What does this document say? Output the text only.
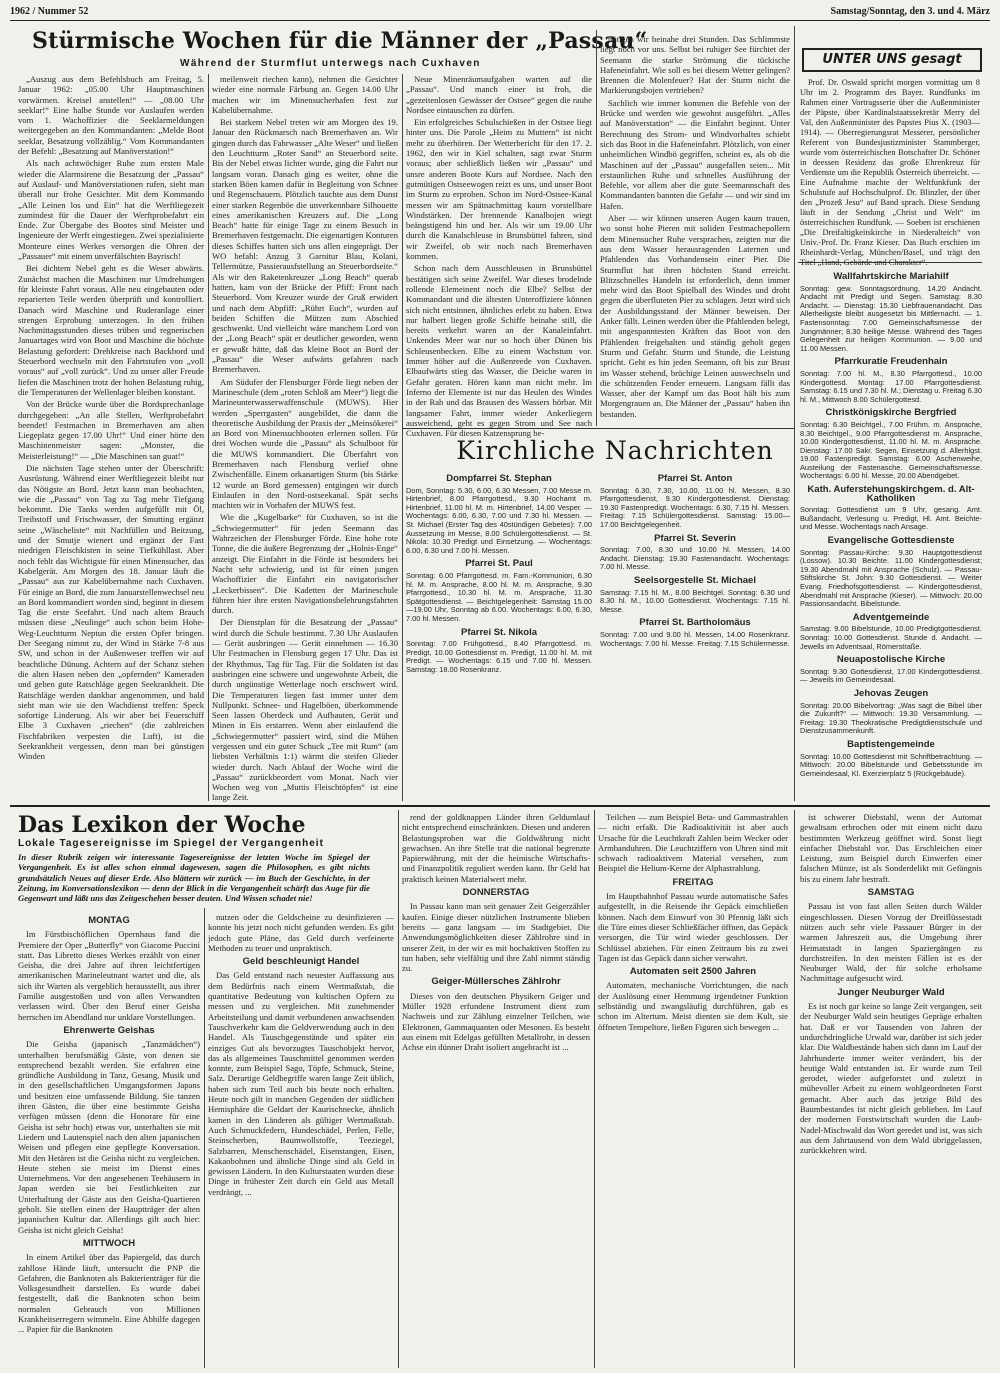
1962 / Nummer 52	Samstag/Sonntag, den 3. und 4. März
Stürmische Wochen für die Männer der „Passau“
Während der Sturmflut unterwegs nach Cuxhaven

„Auszug aus dem Befehlsbuch am Freitag, 5. Januar 1962: „05.00 Uhr Hauptmaschinen vorwärmen. Kreisel anstellen!“ — „08.00 Uhr seeklar!“ Eine halbe Stunde vor Auslaufen werden vom 1. Wachoffizier die Seeklarmeldungen weitergegeben an den Kommandanten: „Melde Boot seeklar, Besatzung vollzählig.“ Vom Kommandanten der Befehl: „Besatzung auf Manöverstation!“

Als nach achtwöchiger Ruhe zum ersten Male wieder die Alarmsirene die Besatzung der „Passau“ auf Auslauf- und Manöverstationen rufen, sieht man überall nur frohe Gesichter. Mit dem Kommando „Alle Leinen los und Ein“ hat die Werftliegezeit zumindest für die Dauer der Werftprobefahrt ein Ende. Zur Übergabe des Bootes sind Meister und Ingenieure der Werft eingestiegen. Zwei spezialisierte Monteure eines Werkes versorgen die Ohren der „Passauer“ mit einem unverfälschten Bayrisch!

Bei dichtem Nebel geht es die Weser abwärts. Zunächst machen die Maschinen nur Umdrehungen für kleinste Fahrt voraus. Alle neu eingebauten oder reparierten Teile werden überprüft und kontrolliert. Danach wird Maschine und Ruderanlage einer strengen Erprobung unterzogen. In den frühen Nachmittagsstunden dieses trüben und regnerischen Januartages wird von Boot und Maschine die höchste Belastung gefordert: Drehkreise nach Backbord und Steuerbord wechseln mit den Fahrtstufen von „voll voraus“ auf „voll zurück“. Und zu unser aller Freude liefen die Maschinen trotz der hohen Belastung ruhig, die Temperaturen der Wellenlager bleiben konstant.

Von der Brücke wurde über die Bordsprechanlage durchgegeben: „An alle Stellen, Werftprobefahrt beendet! Festmachen in Bremerhaven am alten Liegeplatz gegen 17.00 Uhr!“ Und einer hörte den Maschinenmeister sagen: „Monster, die Meisterleistung!“ — „Die Maschinen san guat!“

Die nächsten Tage stehen unter der Überschrift: Ausrüstung. Während einer Werftliegezeit bleibt nur das Nötigste an Bord. Jetzt kann man beobachten, wie die „Passau“ von Tag zu Tag mehr Tiefgang bekommt. Die Tanks werden aufgefüllt mit Öl, Treibstoff und Frischwasser, der Smutting ergänzt seine „Wäscheliste“ mit Nachfüllen und Beitzung, und der Smutje wienert und ergänzt der Fast niedrigen Fleischkisten in seine Tiefkühllast. Aber noch fehlt das Wichtigste für einen Minensucher, das Kabelgerät. Am Morgen des 18. Januar läuft die „Passau“ aus zur Kabelübernahme nach Cuxhaven. Für einige an Bord, die zum Januarstellenwechsel neu an Bord kommandiert worden sind, beginnt in diesem Tag die erste Seefahrt. Und nach altem Brauch müssen diese „Neulinge“ auch schon beim Hohe-Weg-Leuchtturm Neptun die ersten Opfer bringen. Der Seegang nimmt zu, der Wind in Stärke 7-8 aus SW, und schon in der Außenweser treffen wir auf beachtliche Dünung. Achtern auf der Schanz stehen die alten Hasen neben den „opfernden“ Kameraden und geben gute Ratschläge gegen Seekrankheit. Die Ratschläge werden dankbar angenommen, und bald sieht man wie sie den Wachdienst treffen: Speck sofortige Linderung. Als wir aber bei Feuerschiff Elbe 3 Cuxhaven „riechen“ (die zahlreichen Fischfabriken verpesten die Luft), ist die Seekrankheit vergessen, denn man bei günstigen Winden

meilenweit riechen kann), nehmen die Gesichter wieder eine normale Färbung an. Gegen 14.00 Uhr machen wir im Minensucherhafen fest zur Kabelübernahme.

Bei starkem Nebel treten wir am Morgen des 19. Januar den Rückmarsch nach Bremerhaven an. Wir gingen durch das Fahrwasser „Alte Weser“ und ließen den Leuchtturm „Roter Sand“ an Steuerbord seite. Bis der Nebel etwas lichter wurde, ging die Fahrt nur langsam voran. Danach ging es weiter, ohne die starken Böen kamen dafür in Begleitung von Schnee und Regenschauern. Plötzlich tauchte aus dem Dunst einer starken Regenböe die unverkennbare Silhouette eines amerikanischen Kreuzers auf. Die „Long Beach“ hatte für einige Tage zu einem Besuch in Bremerhaven festgemacht. Die eigenartigen Konturen dieses Schiffes hatten sich uns allen eingeprägt. Der WO befahl: Anzug 3 Garnitur Blau, Kolani, Tellermütze, Passierausfstellung an Steuerbordseite.“ Als wir den Raketenkreuzer „Long Beach“ querab hatten, kam von der Brücke der Pfiff: Front nach Steuerbord. Vom Kreuzer wurde der Gruß erwidert und nach dem Abpfiff: „Rührt Euch“, wurden auf beiden Schiffen die Mützen zum Abschied geschwenkt. Und vielleicht wäre manchem Lord von der „Long Beach“ spät er deutlicher geworden, wenn er gewußt hätte, daß das kleine Boot an Bord der „Passau“ die Weser aufwärts gefahren nach Bremerhaven.

Am Südufer der Flensburger Förde liegt neben der Marineschule (dem „roten Schloß am Meer“) liegt die Marineunterwasserwaffenschule (MUWS). Hier werden „Sperrgasten“ ausgebildet, die dann die theoretische Ausbildung der Praxis der „Meinsökerei“ an Bord von Minensuchbooten erlernen sollen. Für drei Wochen wurde die „Passau“ als Schulboot für die MUWS kommandiert. Die Überfahrt von Bremerhaven nach Flensburg verlief ohne Zwischenfälle. Einem orkanartigen Sturm (bis Stärke 12 wurde an Bord gemessen) entgingen wir durch Einlaufen in den Nord-ostseekanal. Spät sechs machten wir in Vorhafen der MUWS fest.

Wie die „Kugelbarke“ für Cuxhaven, so ist die „Schwiegermutter“ für jeden Seemann das Wahrzeichen der Flensburger Förde. Eine hohe rote Tonne, die die äußere Begrenzung der „Holnis-Enge“ anzeigt. Die Einfahrt in die Förde ist besonders bei Nacht sehr schwierig, und ist für einen jungen Wachoffizier die Einfahrt ein navigatorischer „Leckerbissen“. Die Kadetten der Marineschule führen hier ihre ersten Navigationsbelehrungsfahrten durch.

Der Dienstplan für die Besatzung der „Passau“ wird durch die Schule bestimmt. 7.30 Uhr Auslaufen — Gerät ausbringen — Gerät einnehmen — 16.30 Uhr Festmachen in Flensburg gegen 17 Uhr. Das ist der Rhythmus, Tag für Tag. Für die Soldaten ist das ausbringen eine schwere und ungewohnte Arbeit, die durch ungünstige Wetterlage noch erschwert wird. Die Temperaturen liegen fast immer unter dem Nullpunkt. Schnee- und Hagelböen, überkommende Seen lassen Oberdeck und Aufbauten, Gerät und Minen in Eis erstarren. Wenn aber einlaufend die „Schwiegermutter“ passiert wird, sind die Mühen vergessen und ein guter Schuck „Tee mit Rum“ (am liebsten Verhältnis 1:1) wärmt die steifen Glieder wieder durch. Nach Ablauf der Woche wird die „Passau“ zurückbeordert vom Monat. Nach vier Wochen weg von „Muttis Fleischtöpfen“ ist eine lange Zeit.

Neue Minenräumaufgaben warten auf die „Passau“. Und manch einer ist froh, die „gezeitenlosen Gewässer der Ostsee“ gegen die rauhe Nordsee eintauschen zu dürfen.

Ein erfolgreiches Schulschießen in der Ostsee liegt hinter uns. Die Parole „Heim zu Muttern“ ist nicht mehr zu überhören. Der Wetterbericht für den 17. 2. 1962, den wir in Kiel schalten, sagt zwar Sturm voraus; aber schließlich ließen wir „Passau“ und unsre anderen Boote Kurs auf Nordsee. Nach den gutmütigen Ostseewogen reizt es uns, und unser Boot im Sturm zu erproben. Schon im Nord-Ostsee-Kanal messen wir am Spätnachmittag kaum vorstellbare Windstärken. Der brennende Kanalbojen wiegt beängstigend hin und her. Als wir um 19.00 Uhr durch die Kanalschleuse in Brunsbüttel fahren, sind wir Zweifel, ob wir noch nach Bremerhaven kommen.

Schon nach dem Ausschleusen in Brunsbüttel bestätigen sich seine Zweifel. War dieses brodelnde rollende Elemeinent noch die Elbe? Selbst der Kommandant und die ältesten Unteroffiziere können sich nicht entsinnen, ähnliches erlebt zu haben. Etwa nur halbert liegen große Schiffe beinahe still, die bereits verkehrt waren an der Kanaleinfahrt. Unkendes Meer war nur so hoch über Dünen bis Schleusenbecken. Elbe zu einem Wachstum vor. Immer höher auf die Außenreede von Cuxhaven. Elbaufwärts stieg das Wasser, die Deiche waren in Gefahr geraten. Hören kann man nicht mehr. Im Inferno der Elemente ist nur das Heulen des Windes in der Rah und das Brausen des Wassers hörbar. Mit langsamer Fahrt, immer wieder Ankerliegern ausweichend, geht es gegen Strom und See nach Cuxhaven. Für diesen Katzensprung be-

nötigen wir beinahe drei Stunden. Das Schlimmste liegt noch vor uns. Selbst bei ruhiger See fürchtet der Seemann die starke Strömung die tückische Hafeneinfahrt. Wie soll es bei diesem Wetter gelingen? Brennen die Molenfeuer? Hat der Sturm nicht die Markierungsbojen vertrieben?

Sachlich wie immer kommen die Befehle von der Brücke und werden wie gewohnt ausgeführt. „Alles auf Manöverstation“ — die Einfahrt beginnt. Unter Berechnung des Strom- und Windvorhaltes schiebt sich das Boot in die Hafeneinfahrt. Plötzlich, von einer unheimlichen Windbö gegriffen, scheint es, als ob die Maschinen auf der „Passau“ ausgefallen seien... Mit erstaunlichen Ruhe und schnelles Ausführung der Befehle, vor allem aber die gute Seemannschaft des Kommandanten bannten die Gefahr — und wir sind im Hafen.

Aber — wir können unseren Augen kaum trauen, wo sonst hohe Pieren mit soliden Festmachepollern dem Minensucher Ruhe versprachen, zeigten nur die aus dem Wasser herausragenden Laternen und Pfahlenden das Vorhandensein einer Pier. Die Sturmflut hat ihren höchsten Stand erreicht. Blitzschnelles Handeln ist erforderlich, denn immer mehr wird das Boot Spielball des Windes und droht gegen die überfluteten Pier zu schlagen. Jetzt wird sich der Ausbildungsstand der Männer beweisen. Der Anker fällt. Leinen werden über die Pfahlenden belegt, mit angespanntesten Kräften das Boot von den Pfählenden freigehalten und ständig geholt gegen Sturm und Gefahr. Sturm und Stunde, die Leistung spricht. Geht es hin jeden Seemann, oft bis zur Brust im Wasser stehend, brüchige Leinen auswechseln und die schützenden Fender erneuern. Langsam fällt das Wasser, aber der Kampf um das Boot hält bis zum Morgengrauen an. Die Männer der „Passau“ haben ihn bestanden.

UNTER UNS gesagt

Prof. Dr. Oswald spricht morgen vormittag um 8 Uhr im 2. Programm des Bayer. Rundfunks im Rahmen einer Vortragsserie über die Außenminister der Päpste, über Kardinalstaatssekretär Merry del Val, den Außenminister des Papstes Pius X. (1903—1914). — Oberregierungsrat Messerer, persönlicher Referent von Bundesjustizminister Stammberger, wurde vom österreichischen Botschafter Dr. Schöner in deessen Residenz das große Ehrenkreuz für Verdienste um die Republik Österreich überreicht. — Eine Aufnahme machte der Weltfunkfunk der Schulstufe auf Hochschulprof. Dr. Blinzler, der über den „Prozeß Jesu“ auf Band sprach. Diese Sendung läuft in der Sendung „Christ und Welt“ im österreichischen Rundfunk. — Soeben ist erschienen „Die Dreifaltigkeitskirche in Niederalteich“ von Univ.-Prof. Dr. Franz Kieser. Das Buch erschien im Rheinhardt-Verlag, München/Basel, und trägt den Titel „Hand, Gebärde und Charakter“.

Wallfahrtskirche Mariahilf

Sonntag: gew. Sonntagsordnung, 14.20 Andacht. Andacht mit Predigt und Segen. Samstag: 8.30 Andacht. — Dienstag: 15.30 Liebfrauenandacht. Das Allerheiligste bleibt ausgesetzt bis Mittlernacht. — 1. Fastensonntag: 7.00 Gemeinschaftsmesse der Jungmänner; 8.30 heilige Messe. Während des Tages Gelegenheit zur heiligen Kommunion. — 9.00 und 11.00 Messen.

Pfarrkuratie Freudenhain

Sonntag: 7.00 hl. M., 8.30 Pfarrgottesd., 10.00 Kindergottesd. Montag: 17.00 Pfarrgottesdienst. Samstag: 6.15 und 7.30 hl. M.; Dienstag u. Freitag 6.30 hl. M., Mittwoch 8.00 Schülergottesd.

Christkönigskirche Bergfried

Sonntag: 6.30 Beichtgel., 7.00 Frühm. m. Ansprache, 8.30 Beichtgel., 9.00 Pfarrgottesdienst m. Ansprache, 10.00 Kindergottesdienst, 11.00 hl. M. m. Ansprache. Dienstag: 17.00 Sakr. Segen, Einsetzung d. Allerhlgst. 19.00 Fastenpredigt. Samstag: 6.00 Aschenweihe, Austeilung der Fastenasche. Gemeinschaftsmesse. Wochentags: 6.00 hl. Messe, 20.00 Abendgebet.

Kath. Auferstehungskirchgem. d. Alt-Katholiken

Sonntag: Gottesdienst um 9 Uhr, gesang. Amt. Bußandacht, Verlesung u. Predigt, Hl. Amt. Beichte- und Messe. Wochentags nach Ansage.

Evangelische Gottesdienste

Sonntag: Passau-Kirche: 9.30 Hauptgottesdienst (Lossow). 10.30 Beichte. 11.00 Kindergottesdienst; 19.30 Abendmahl mit Ansprache (Schulz). — Passau-Stiftskirche St. John: 9.30 Gottesdienst. — Weiter Evang. Friedhofsgottesdienst. — Kindergottesdienst, Abendmahl mit Ansprache (Kieser). — Mittwoch: 20.00 Passionsandacht. Bibelstunde.

Adventgemeinde

Samstag: 9.00 Bibelstunde, 10.00 Predigtgottesdienst. Sonntag: 10.00 Gottesdienst. Stunde d. Andacht. — Jewells im Adventsaal, Römerstraße.

Neuapostolische Kirche

Sonntag: 9.30 Gottesdienst, 17.00 Kindergottesdienst. — Jeweils im Gemeindesaal.

Jehovas Zeugen

Sonntag: 20.00 Bibelvortrag: „Was sagt die Bibel über die Zukunft?“ — Mittwoch: 19.30 Versammlung. — Freitag: 19.30 Theokratische Predigtdienstschule und Dienstzusammenkunft.

Baptistengemeinde

Sonntag: 10.00 Gottesdienst mit Schriftbetrachtung. — Mittwoch: 20.00 Bibelstunde und Gebetsstunde im Gemeindesaal, Kl. Exerzierplatz 5 (Rückgebäude).

Kirchliche Nachrichten
Dompfarrei St. Stephan

Dom, Sonntag: 5.30, 6.00, 6.30 Messen, 7.00 Messe m. Hirtenbrief, 8.00 Pfarrgottesd., 9.30 Hochamt m. Hirtenbrief, 11.00 hl. M. m. Hirtenbrief, 14.00 Vesper. — Wochentags: 6.00, 6.30, 7.00 und 7.30 hl. Messen. — St. Michael (Erster Tag des 40stündigen Gebetes): 7.00 Aussetzung im Messe, 8.00 Schülergottesdienst. — St. Nikola: 10.30 Predigt und Einsetzung. — Wochentags: 6.00, 6.30 und 7.00 hl. Messen.

Pfarrei St. Paul

Sonntag: 6.00 Pfarrgottesd. m. Fam.-Kommunion, 6.30 hl. M. m. Ansprache, 8.00 hl. M. m. Ansprache, 9.30 Pfarrgottesd., 10.30 hl. M. m. Ansprache, 11.30 Spätgottesdienst. — Beichtgelegenheit: Samstag 15.00—19.00 Uhr, Sonntag ab 6.00. Wochentags: 6.00, 6.30, 7.00 hl. Messen.

Pfarrei St. Nikola

Sonntag: 7.00 Frühgottesd., 8.40 Pfarrgottesd. m. Predigt, 10.00 Gottesdienst m. Predigt, 11.00 hl. M. mit Predigt. — Wochentags: 6.15 und 7.00 hl. Messen. Samstag: 18.00 Rosenkranz.

Pfarrei St. Anton

Sonntag: 6.30, 7.30, 10.00, 11.00 hl. Messen, 8.30 Pfarrgottesdienst, 9.30 Kindergottesdienst. Dienstag: 19.30 Fastenpredigt. Wochentags: 6.30, 7.15 hl. Messen. Freitag: 7.15 Schülergottesdienst. Samstag: 15.00—17.00 Beichtgelegenheit.

Pfarrei St. Severin

Sonntag: 7.00, 8.30 und 10.00 hl. Messen, 14.00 Andacht. Dienstag: 19.30 Fastenandacht. Wochentags: 7.00 hl. Messe.

Seelsorgestelle St. Michael

Samstag: 7.15 hl. M., 8.00 Beichtgel. Sonntag: 6.30 und 8.30 hl. M., 10.00 Gottesdienst. Wochentags: 7.15 hl. Messe.

Pfarrei St. Bartholomäus

Sonntag: 7.00 und 9.00 hl. Messen, 14.00 Rosenkranz. Wochentags: 7.00 hl. Messe. Freitag: 7.15 Schülermesse.

Das Lexikon der Woche
Lokale Tagesereignisse im Spiegel der Vergangenheit
In dieser Rubrik zeigen wir interessante Tagesereignisse der letzten Woche im Spiegel der Vergangenheit. Es ist alles schon einmal dagewesen, sagen die Philosophen, es gibt nichts grundsätzlich Neues auf dieser Erde. Also blättern wir zurück — im Buch der Geschichte, in der Zeitung, im Konversationslexikon — denn der Blick in die Vergangenheit schärft das Auge für die Gegenwart und läßt uns das Zeitgeschehen besser deuten. Und Wissen schadet nie!
MONTAG

Im Fürstbischöflichen Opernhaus fand die Premiere der Oper „Butterfly“ von Giacome Puccini statt. Das Libretto dieses Werkes erzählt von einer Geisha, die drei Jahre auf ihren leichtfertigen amerikanischen Marineleutnant wartet und die, als sich ihr Warten als vergeblich herausstellt, aus ihrer Familie ausgestoßen und von allen Verwandten verlassen wird. Über den Beruf einer Geisha herrschen im Abendland nur unklare Vorstellungen.

Ehrenwerte Geishas

Die Geisha (japanisch „Tanzmädchen“) unterhalben berufsmäßig Gäste, von denen sie entsprechend bezahlt werden. Sie erfahren eine gründliche Ausbildung in Tanz, Gesang, Musik und in den gesellschaftlichen Umgangsformen Japans und besitzen eine umfassende Bildung. Sie tanzen ihren Gästen, die über eine bestimmte Geisha verfügen müssen (denn die Honorare für eine Geisha ist sehr hoch) etwas vor, unterhalten sie mit Liedern und Lautenspiel nach den alten japanischen Weisen und pflegen eine gepflegte Konversation. Mit den Hetären ist die Geisha nicht zu vergleichen. Heute stehen sie meist im Dienst eines Unternehmens. Vor den angesehenen Teehäusern in Japan werden sie bei Festlichkeiten zur Unterhaltung der Gäste aus den Geisha-Quartieren geholt. Sie stellen einen der Hauptträger der alten japanischen Kultur dar. Allerdings gilt auch hier: Geisha ist nicht gleich Geisha!

MITTWOCH

In einem Artikel über das Papiergeld, das durch zahllose Hände läuft, untersucht die PNP die Gefahren, die Banknoten als Bakterienträger für die Volksgesundheit darstellen. Es wurde dabei festgestellt, daß die Banknoten schon beim normalen Gebrauch von Millionen Krankheitserregern wimmeln. Eine Abhilfe dagegen ... Papier für die Banknoten

nutzen oder die Geldscheine zu desinfizieren — konnte bis jetzt noch nicht gefunden werden. Es gibt jedoch gute Pläne, das Geld durch verfeinerte Methoden zu teuer und unpraktisch.

Geld beschleunigt Handel

Das Geld entstand nach neuester Auffassung aus dem Bedürfnis nach einem Wertmaßstab, die quantitative Bedeutung von kultischen Opfern zu messen und zu vergleichen. Mit zunehmender Arbeitsteilung und damit verbundenen anwachsenden Tauschverkehr kam die Geldverwendung auch in den Handel. Als Tauschgegenstände und später ein einziges Gut als bevorzugtes Tauschobjekt hervor, das als allgemeines Tauschmittel genommen werden konnte, zum Beispiel Sago, Töpfe, Schmuck, Steine, Salz. Derartige Geldbegriffe waren lange Zeit üblich, haben sich zum Teil auch bis heute noch erhalten. Heute noch gilt in manchen Gegenden der südlichen Hemisphäre die Geldart der Kaurischnecke, ähnlich kamen in den Länderen als gültiger Wertmaßstab. Auch Schmuckfedern, Hundeschädel, Perlen, Felle, Steinscherben, Baumwollstoffe, Teeziegel, Salzbarren, Menschenschädel, Eisenstangen, Eisen, Kakaobohnen und ähnliche Dinge sind als Geld in gewissen Ländern. In den Kulturstaaten wurden diese Dinge in frühester Zeit durch ein Geld aus Metall verdrängt, ...

rend der goldknappen Länder ihren Geldumlauf nicht entsprechend einschränkten. Diesen und anderen Belastungsproben war die Goldwährung nicht gewachsen. An ihre Stelle trat die national begrenzte Papierwährung, mit der die heimische Wirtschafts- und Finanzpolitik reguliert werden kann. Ihr Geld hat praktisch keinen Materialwert mehr.

DONNERSTAG

In Passau kann man seit genauer Zeit Geigerzähler kaufen. Einige dieser nützlichen Instrumente blieben bereits — ganz langsam — im Stadtgebiet. Die Anwendungsmöglichkeiten dieser Zählrohre sind in unserer Zeit, in der wir es mit hochaktiven Stoffen zu tun haben, sehr vielfältig und ihre Zahl nimmt ständig zu.

Geiger-Müllersches Zählrohr

Dieses von den deutschen Physikern Geiger und Müller 1928 erfundene Instrument dient zum Nachweis und zur Zählung einzelner Teilchen, wie Elektronen, Gammaquanten oder Mesonen. Es besteht aus einem mit Edelgas gefüllten Metallrohr, in dessen Achse ein dünner Draht isoliert angebracht ist ...

Teilchen — zum Beispiel Beta- und Gammastrahlen — nicht erfaßt. Die Radioaktivität ist aber auch Ursache für die Leuchtkraft Zahlen beim Wecker oder Armbanduhren. Die Leuchtziffern von Uhren sind mit schwach radioaktivem Material versehen, zum Beispiel die Helium-Kerne der Alphastrahlung.

FREITAG

Im Hauptbahnhof Passau wurde automatische Safes aufgestellt, in die Reisende ihr Gepäck einschließen können. Nach dem Einwurf von 30 Pfennig läßt sich die Türe eines dieser Schließfächer öffnen, das Gepäck versorgen, die Tür wird wieder geschlossen. Der Schlüssel abziehen. Für einen Zeitraum bis zu zwei Tagen ist das Gepäck dann sicher verwahrt.

Automaten seit 2500 Jahren

Automaten, mechanische Vorrichtungen, die nach der Auslösung einer Hemmung irgendeiner Funktion selbständig und zwangsläufig durchführen, gab es schon im Altertum. Meist dienten sie dem Kult, sie öffneten Tempeltore, ließen Figuren sich bewegen ...

ist schwerer Diebstahl, wenn der Automat gewaltsam erbrochen oder mit einem nicht dazu bestimmten Werkzeug geöffnet wird. Sonst liegt einfacher Diebstahl vor. Das Erschleichen einer Leistung, zum Beispiel durch Einwerfen einer falschen Münze, ist als Sonderdelikt mit Gefängnis bis zu einem Jahr bestraft.

SAMSTAG

Passau ist von fast allen Seiten durch Wälder eingeschlossen. Diesen Vorzug der Dreiflüssestadt nützen auch sehr viele Passauer Bürger in der warmen Jahreszeit aus, die Umgebung ihrer Heimatstadt in langen Spaziergängen zu durchstreifen. In den meisten Fällen ist es der Neuburger Wald, der für solche erholsame Nachmittage aufgesucht wird.

Junger Neuburger Wald

Es ist noch gar keine so lange Zeit vergangen, seit der Neuburger Wald sein heutiges Gepräge erhalten hat. Daß er vor Tausenden von Jahren der undurchdringliche Urwald war, darüber ist sich jeder klar. Die Waldbestände haben sich dann im Lauf der Jahrhunderte immer weiter verändert, bis der heutige Wald entstanden ist. Er wurde zum Teil gerodet, wieder aufgeforstet und zuletzt in mühevoller Arbeit zu einem wohlgeordneten Forst gemacht. Aber auch das jetzige Bild des Baumbestandes ist nicht gleich geblieben. Im Lauf der modernen Forstwirtschaft wurden die Laub-Nadel-Mischwald das Wort geredet und ist, was sich aus dem Jahrtausend von dem Wald übriggelassen, zurückkehren wird.
